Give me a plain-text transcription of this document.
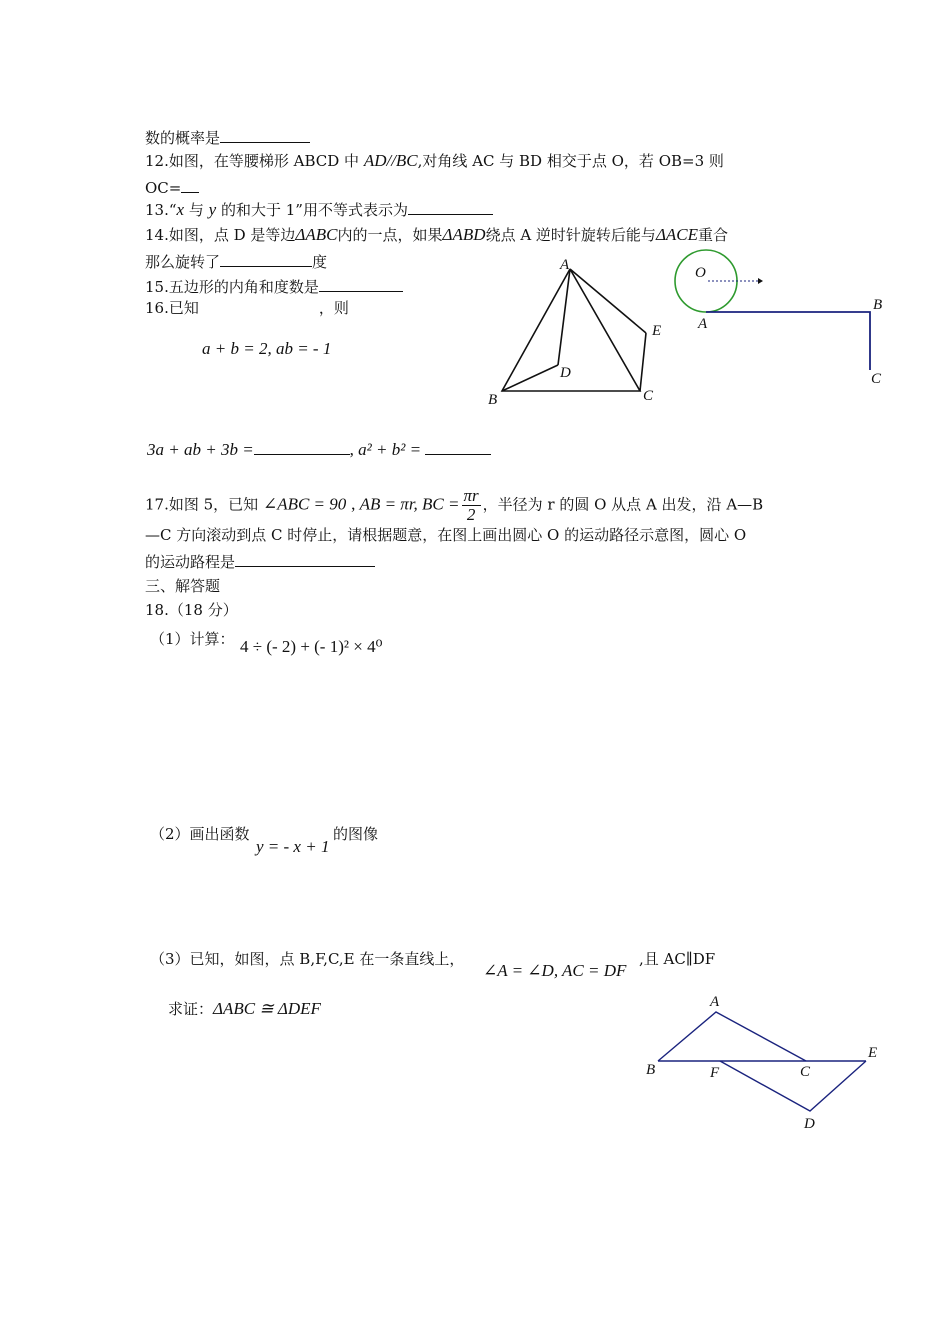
数的概率是
12.如图，在等腰梯形 ABCD 中 AD//BC,对角线 AC 与 BD 相交于点 O，若 OB=3 则
OC=
13.“x 与 y 的和大于 1”用不等式表示为
14.如图，点 D 是等边ΔABC内的一点，如果ΔABD绕点 A 逆时针旋转后能与ΔACE重合
那么旋转了	度
15.五边形的内角和度数是
16.已知	，则
a + b = 2, ab = - 1
3a + ab + 3b =	, a² + b² =
17.如图 5，已知 ∠ABC = 90 , AB = πr, BC = $\frac{\pi r}{2}$ ，半径为 r 的圆 O 从点 A 出发，沿 A—B
—C 方向滚动到点 C 时停止，请根据题意，在图上画出圆心 O 的运动路径示意图，圆心 O
的运动路程是
三、解答题
18.（18 分）
（1）计算： 4 ÷ (- 2) + (- 1)² × 4⁰
（2）画出函数
y = - x + 1
的图像
（3）已知，如图，点 B,F,C,E 在一条直线上，
∠A = ∠D, AC = DF
,且 AC∥DF
求证：ΔABC ≅ ΔDEF
A
B	C
D
E
O
A
B
C
A
B	F	C
E
D
